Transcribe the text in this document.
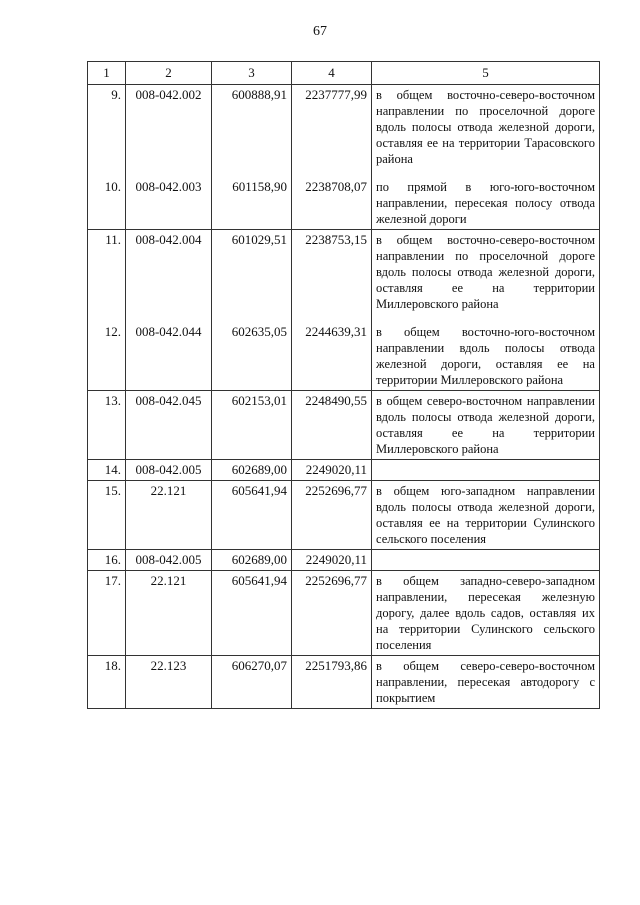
67
1	2	3	4	5
9.	008-042.002	600888,91	2237777,99	в общем восточно-северо-восточном направлении по проселочной дороге вдоль полосы отвода железной дороги, оставляя ее на территории Тарасовского района
10.	008-042.003	601158,90	2238708,07	по прямой в юго-юго-восточном направлении, пересекая полосу отвода железной дороги
11.	008-042.004	601029,51	2238753,15	в общем восточно-северо-восточном направлении по проселочной дороге вдоль полосы отвода железной дороги, оставляя ее на территории Миллеровского района
12.	008-042.044	602635,05	2244639,31	в общем восточно-юго-восточном направлении вдоль полосы отвода железной дороги, оставляя ее на территории Миллеровского района
13.	008-042.045	602153,01	2248490,55	в общем северо-восточном направлении вдоль полосы отвода железной дороги, оставляя ее на территории Миллеровского района
14.	008-042.005	602689,00	2249020,11	
15.	22.121	605641,94	2252696,77	в общем юго-западном направлении вдоль полосы отвода железной дороги, оставляя ее на территории Сулинского сельского поселения
16.	008-042.005	602689,00	2249020,11	
17.	22.121	605641,94	2252696,77	в общем западно-северо-западном направлении, пересекая железную дорогу, далее вдоль садов, оставляя их на территории Сулинского сельского поселения
18.	22.123	606270,07	2251793,86	в общем северо-северо-восточном направлении, пересекая автодорогу с покрытием
